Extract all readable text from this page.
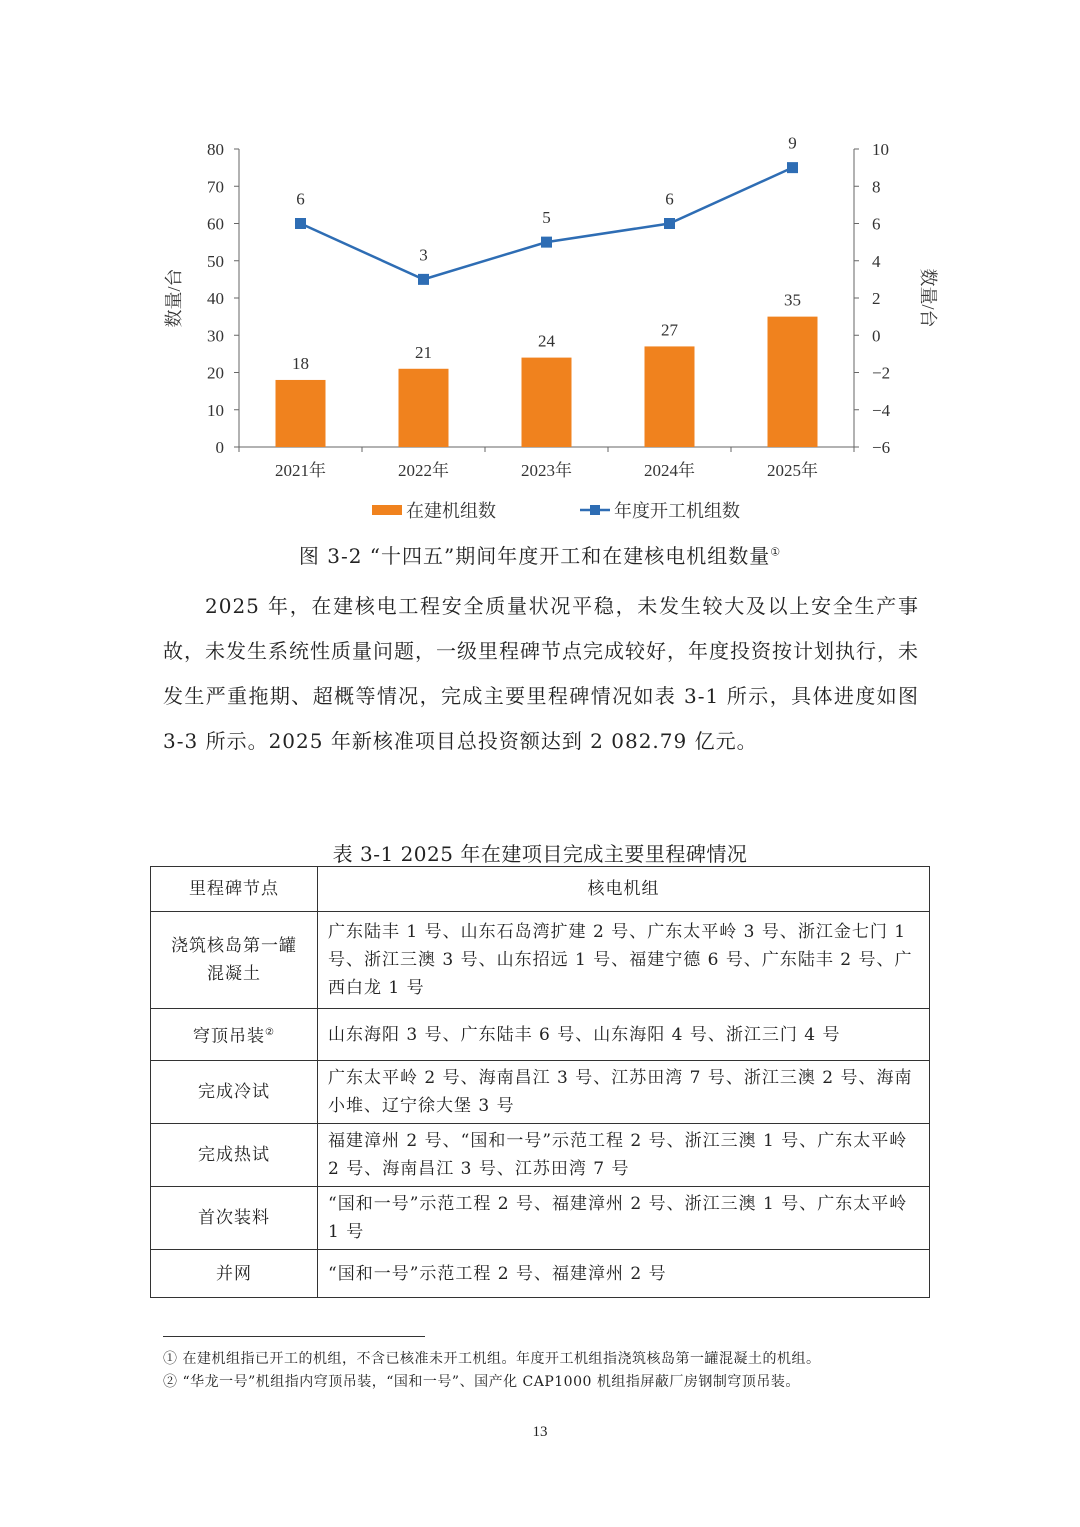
0
10
20
30
40
50
60
70
80
−6
−4
−2
0
2
4
6
8
10
2021年	2022年	2023年	2024年	2025年
数量/台	数量/台
18
21
24
27
35
6
3
5
6
9
在建机组数	年度开工机组数
图 3-2 “十四五”期间年度开工和在建核电机组数量①

  2025 年，在建核电工程安全质量状况平稳，未发生较大及以上安全生产事故，未发生系统性质量问题，一级里程碑节点完成较好，年度投资按计划执行，未发生严重拖期、超概等情况，完成主要里程碑情况如表 3-1 所示，具体进度如图 3-3 所示。2025 年新核准项目总投资额达到 2 082.79 亿元。

表 3-1 2025 年在建项目完成主要里程碑情况
里程碑节点	核电机组
浇筑核岛第一罐混凝土	广东陆丰 1 号、山东石岛湾扩建 2 号、广东太平岭 3 号、浙江金七门 1 号、浙江三澳 3 号、山东招远 1 号、福建宁德 6 号、广东陆丰 2 号、广西白龙 1 号
穹顶吊装②	山东海阳 3 号、广东陆丰 6 号、山东海阳 4 号、浙江三门 4 号
完成冷试	广东太平岭 2 号、海南昌江 3 号、江苏田湾 7 号、浙江三澳 2 号、海南小堆、辽宁徐大堡 3 号
完成热试	福建漳州 2 号、“国和一号”示范工程 2 号、浙江三澳 1 号、广东太平岭 2 号、海南昌江 3 号、江苏田湾 7 号
首次装料	“国和一号”示范工程 2 号、福建漳州 2 号、浙江三澳 1 号、广东太平岭 1 号
并网	“国和一号”示范工程 2 号、福建漳州 2 号
① 在建机组指已开工的机组，不含已核准未开工机组。年度开工机组指浇筑核岛第一罐混凝土的机组。
② “华龙一号”机组指内穹顶吊装，“国和一号”、国产化 CAP1000 机组指屏蔽厂房钢制穹顶吊装。
13
